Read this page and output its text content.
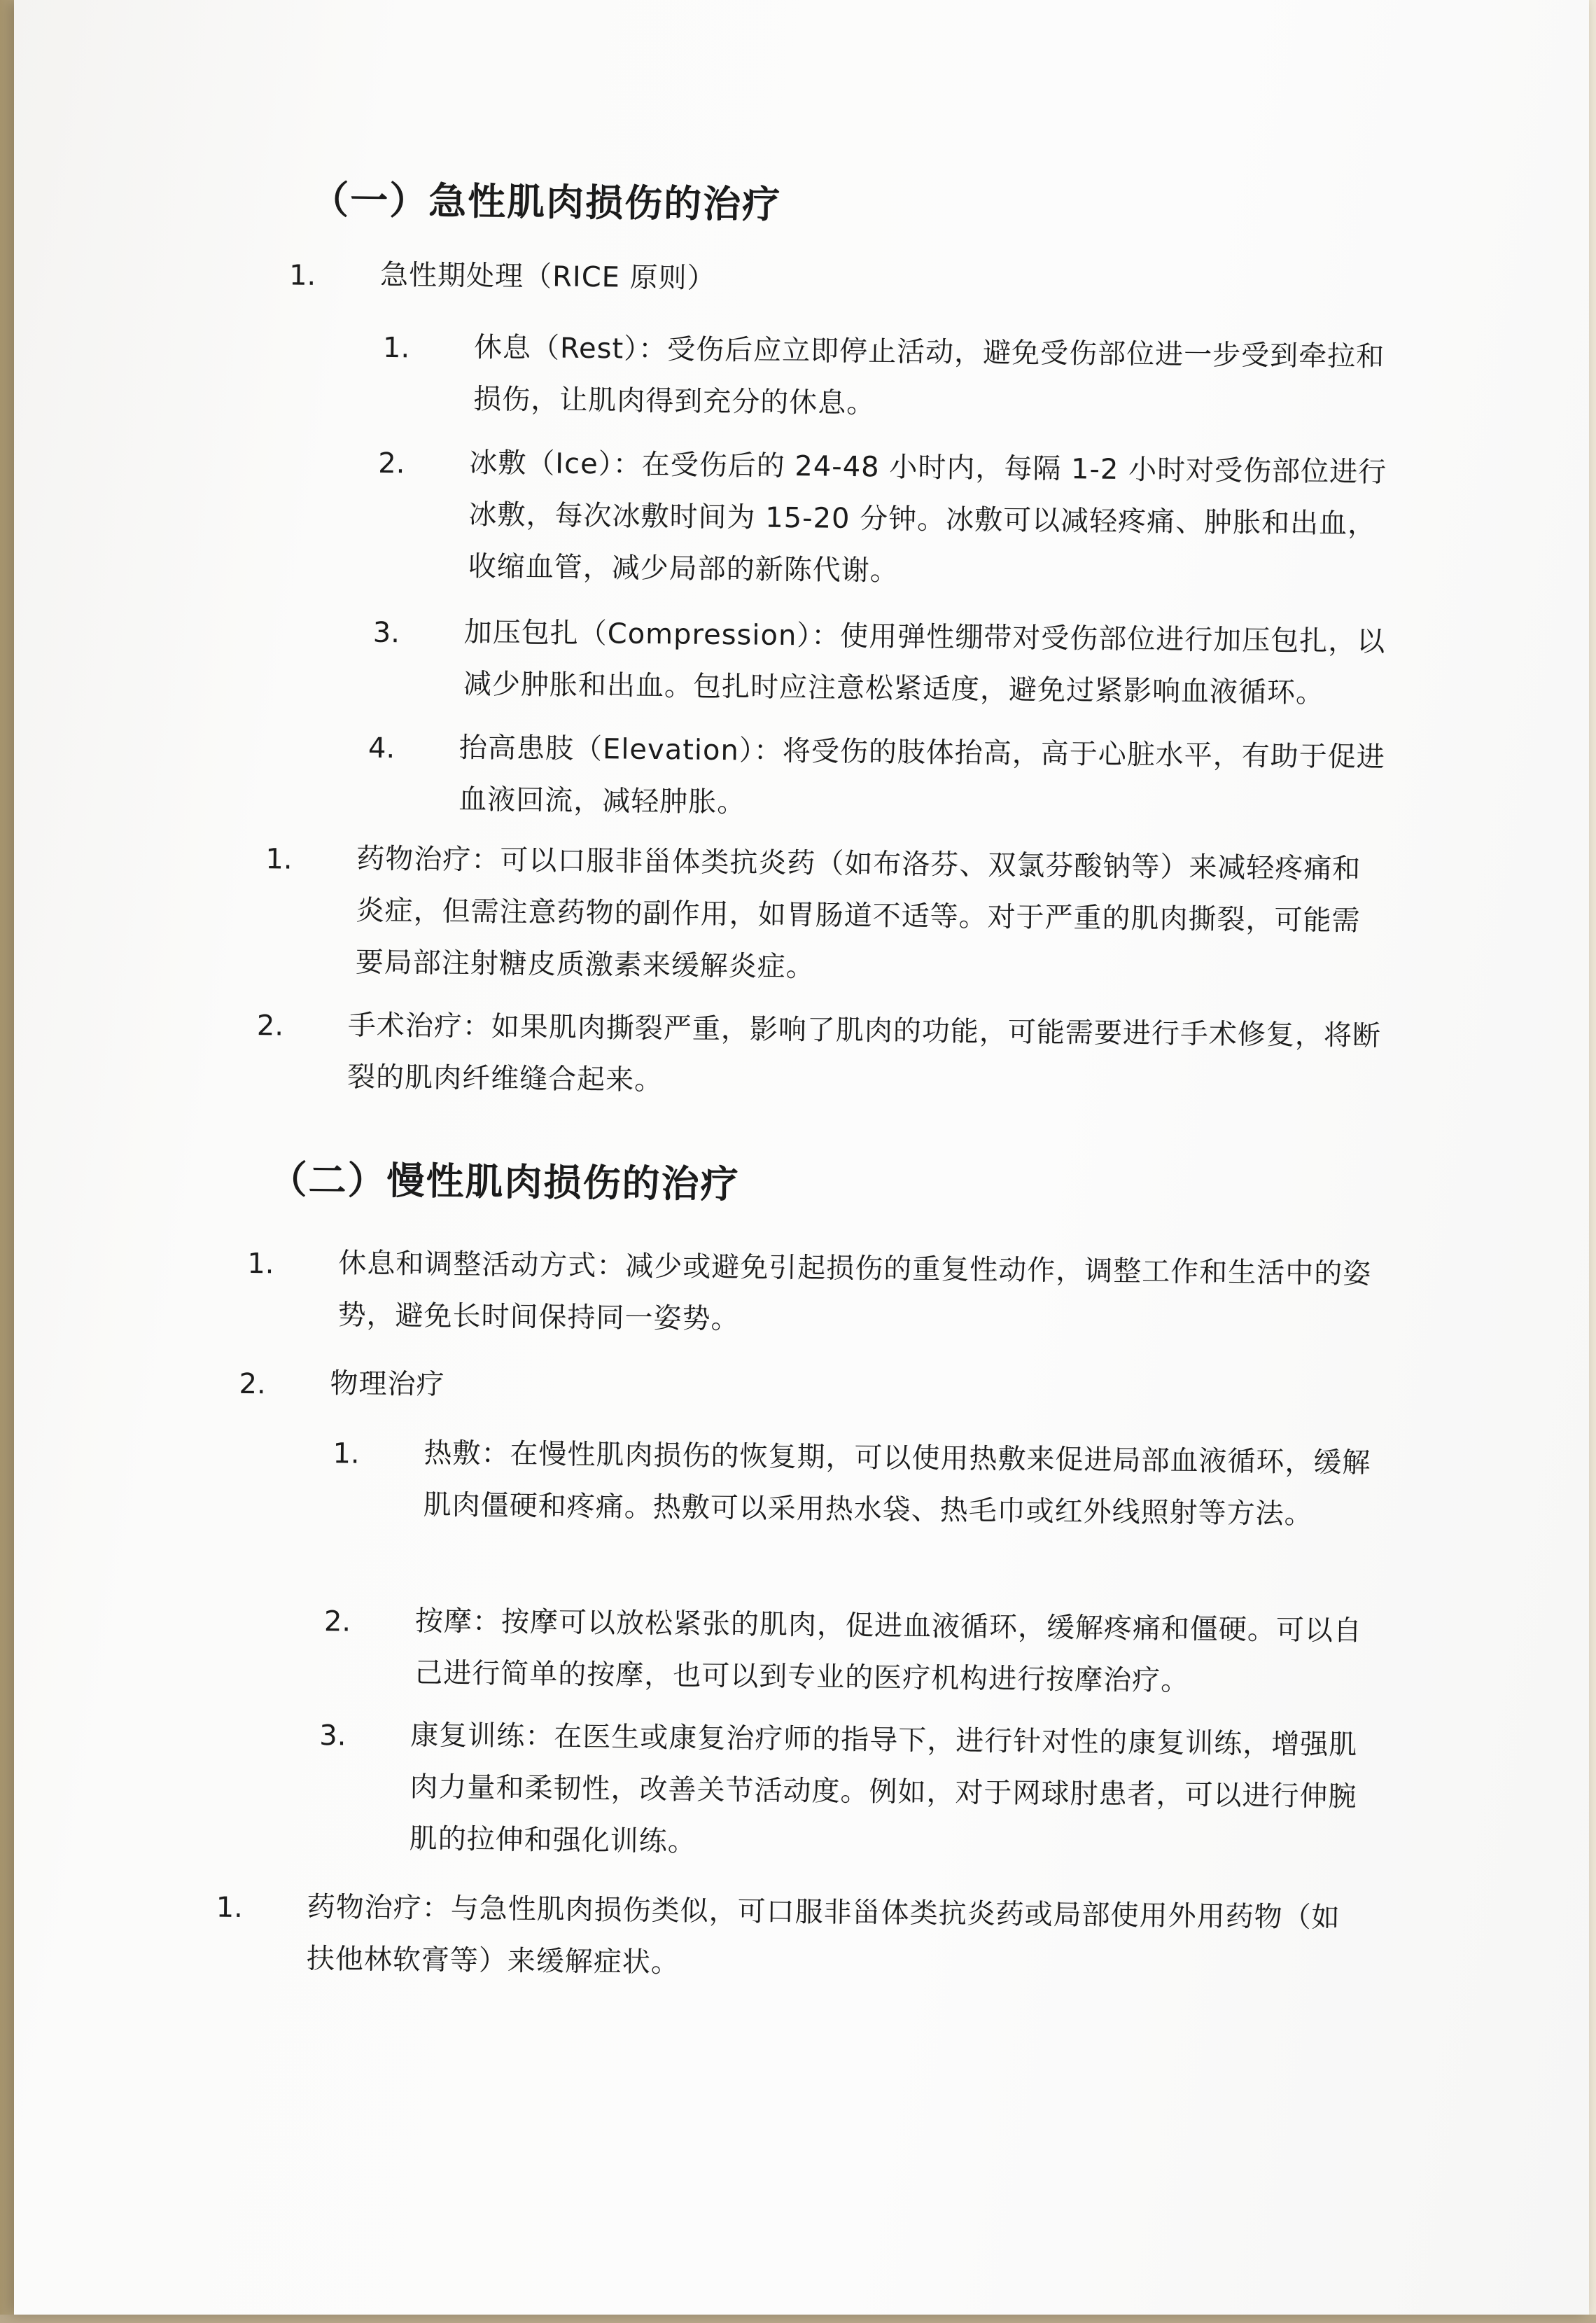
（一）急性肌肉损伤的治疗
1. 急性期处理（RICE 原则）
1. 休息（Rest）：受伤后应立即停止活动，避免受伤部位进一步受到牵拉和损伤，让肌肉得到充分的休息。
2. 冰敷（Ice）：在受伤后的 24-48 小时内，每隔 1-2 小时对受伤部位进行冰敷，每次冰敷时间为 15-20 分钟。冰敷可以减轻疼痛、肿胀和出血，收缩血管，减少局部的新陈代谢。
3. 加压包扎（Compression）：使用弹性绷带对受伤部位进行加压包扎，以减少肿胀和出血。包扎时应注意松紧适度，避免过紧影响血液循环。
4. 抬高患肢（Elevation）：将受伤的肢体抬高，高于心脏水平，有助于促进血液回流，减轻肿胀。
1. 药物治疗：可以口服非甾体类抗炎药（如布洛芬、双氯芬酸钠等）来减轻疼痛和炎症，但需注意药物的副作用，如胃肠道不适等。对于严重的肌肉撕裂，可能需要局部注射糖皮质激素来缓解炎症。
2. 手术治疗：如果肌肉撕裂严重，影响了肌肉的功能，可能需要进行手术修复，将断裂的肌肉纤维缝合起来。
（二）慢性肌肉损伤的治疗
1. 休息和调整活动方式：减少或避免引起损伤的重复性动作，调整工作和生活中的姿势，避免长时间保持同一姿势。
2. 物理治疗
1. 热敷：在慢性肌肉损伤的恢复期，可以使用热敷来促进局部血液循环，缓解肌肉僵硬和疼痛。热敷可以采用热水袋、热毛巾或红外线照射等方法。
2. 按摩：按摩可以放松紧张的肌肉，促进血液循环，缓解疼痛和僵硬。可以自己进行简单的按摩，也可以到专业的医疗机构进行按摩治疗。
3. 康复训练：在医生或康复治疗师的指导下，进行针对性的康复训练，增强肌肉力量和柔韧性，改善关节活动度。例如，对于网球肘患者，可以进行伸腕肌的拉伸和强化训练。
1. 药物治疗：与急性肌肉损伤类似，可口服非甾体类抗炎药或局部使用外用药物（如扶他林软膏等）来缓解症状。
